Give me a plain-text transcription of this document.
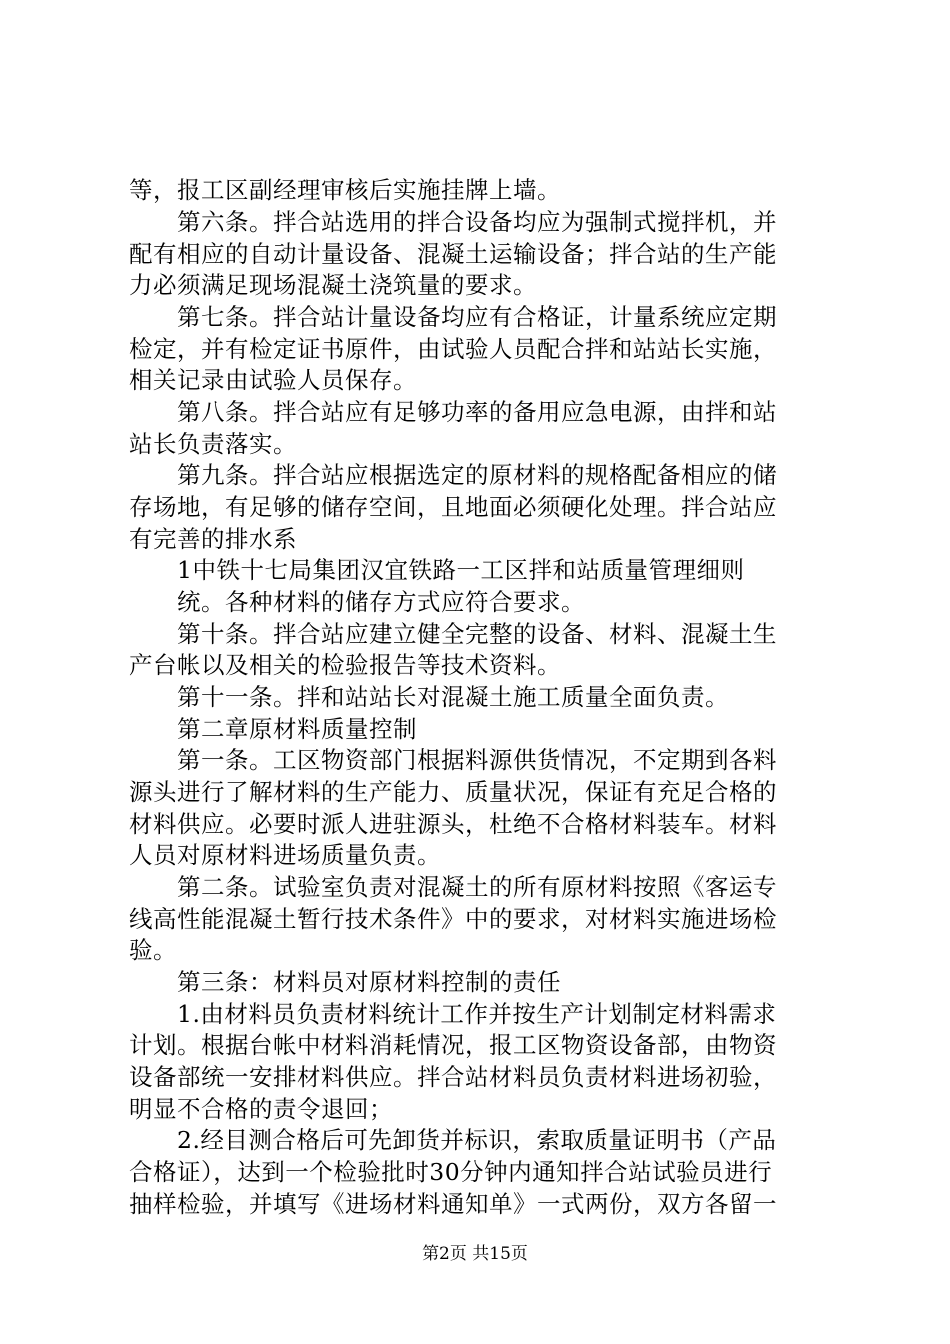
等，报工区副经理审核后实施挂牌上墙。
　　第六条。拌合站选用的拌合设备均应为强制式搅拌机，并
配有相应的自动计量设备、混凝土运输设备；拌合站的生产能
力必须满足现场混凝土浇筑量的要求。
　　第七条。拌合站计量设备均应有合格证，计量系统应定期
检定，并有检定证书原件，由试验人员配合拌和站站长实施，
相关记录由试验人员保存。
　　第八条。拌合站应有足够功率的备用应急电源，由拌和站
站长负责落实。
　　第九条。拌合站应根据选定的原材料的规格配备相应的储
存场地，有足够的储存空间，且地面必须硬化处理。拌合站应
有完善的排水系
　　1中铁十七局集团汉宜铁路一工区拌和站质量管理细则
　　统。各种材料的储存方式应符合要求。
　　第十条。拌合站应建立健全完整的设备、材料、混凝土生
产台帐以及相关的检验报告等技术资料。
　　第十一条。拌和站站长对混凝土施工质量全面负责。
　　第二章原材料质量控制
　　第一条。工区物资部门根据料源供货情况，不定期到各料
源头进行了解材料的生产能力、质量状况，保证有充足合格的
材料供应。必要时派人进驻源头，杜绝不合格材料装车。材料
人员对原材料进场质量负责。
　　第二条。试验室负责对混凝土的所有原材料按照《客运专
线高性能混凝土暂行技术条件》中的要求，对材料实施进场检
验。
　　第三条：材料员对原材料控制的责任
　　1.由材料员负责材料统计工作并按生产计划制定材料需求
计划。根据台帐中材料消耗情况，报工区物资设备部，由物资
设备部统一安排材料供应。拌合站材料员负责材料进场初验，
明显不合格的责令退回；
　　2.经目测合格后可先卸货并标识，索取质量证明书（产品
合格证），达到一个检验批时30分钟内通知拌合站试验员进行
抽样检验，并填写《进场材料通知单》一式两份，双方各留一
第2页 共15页
